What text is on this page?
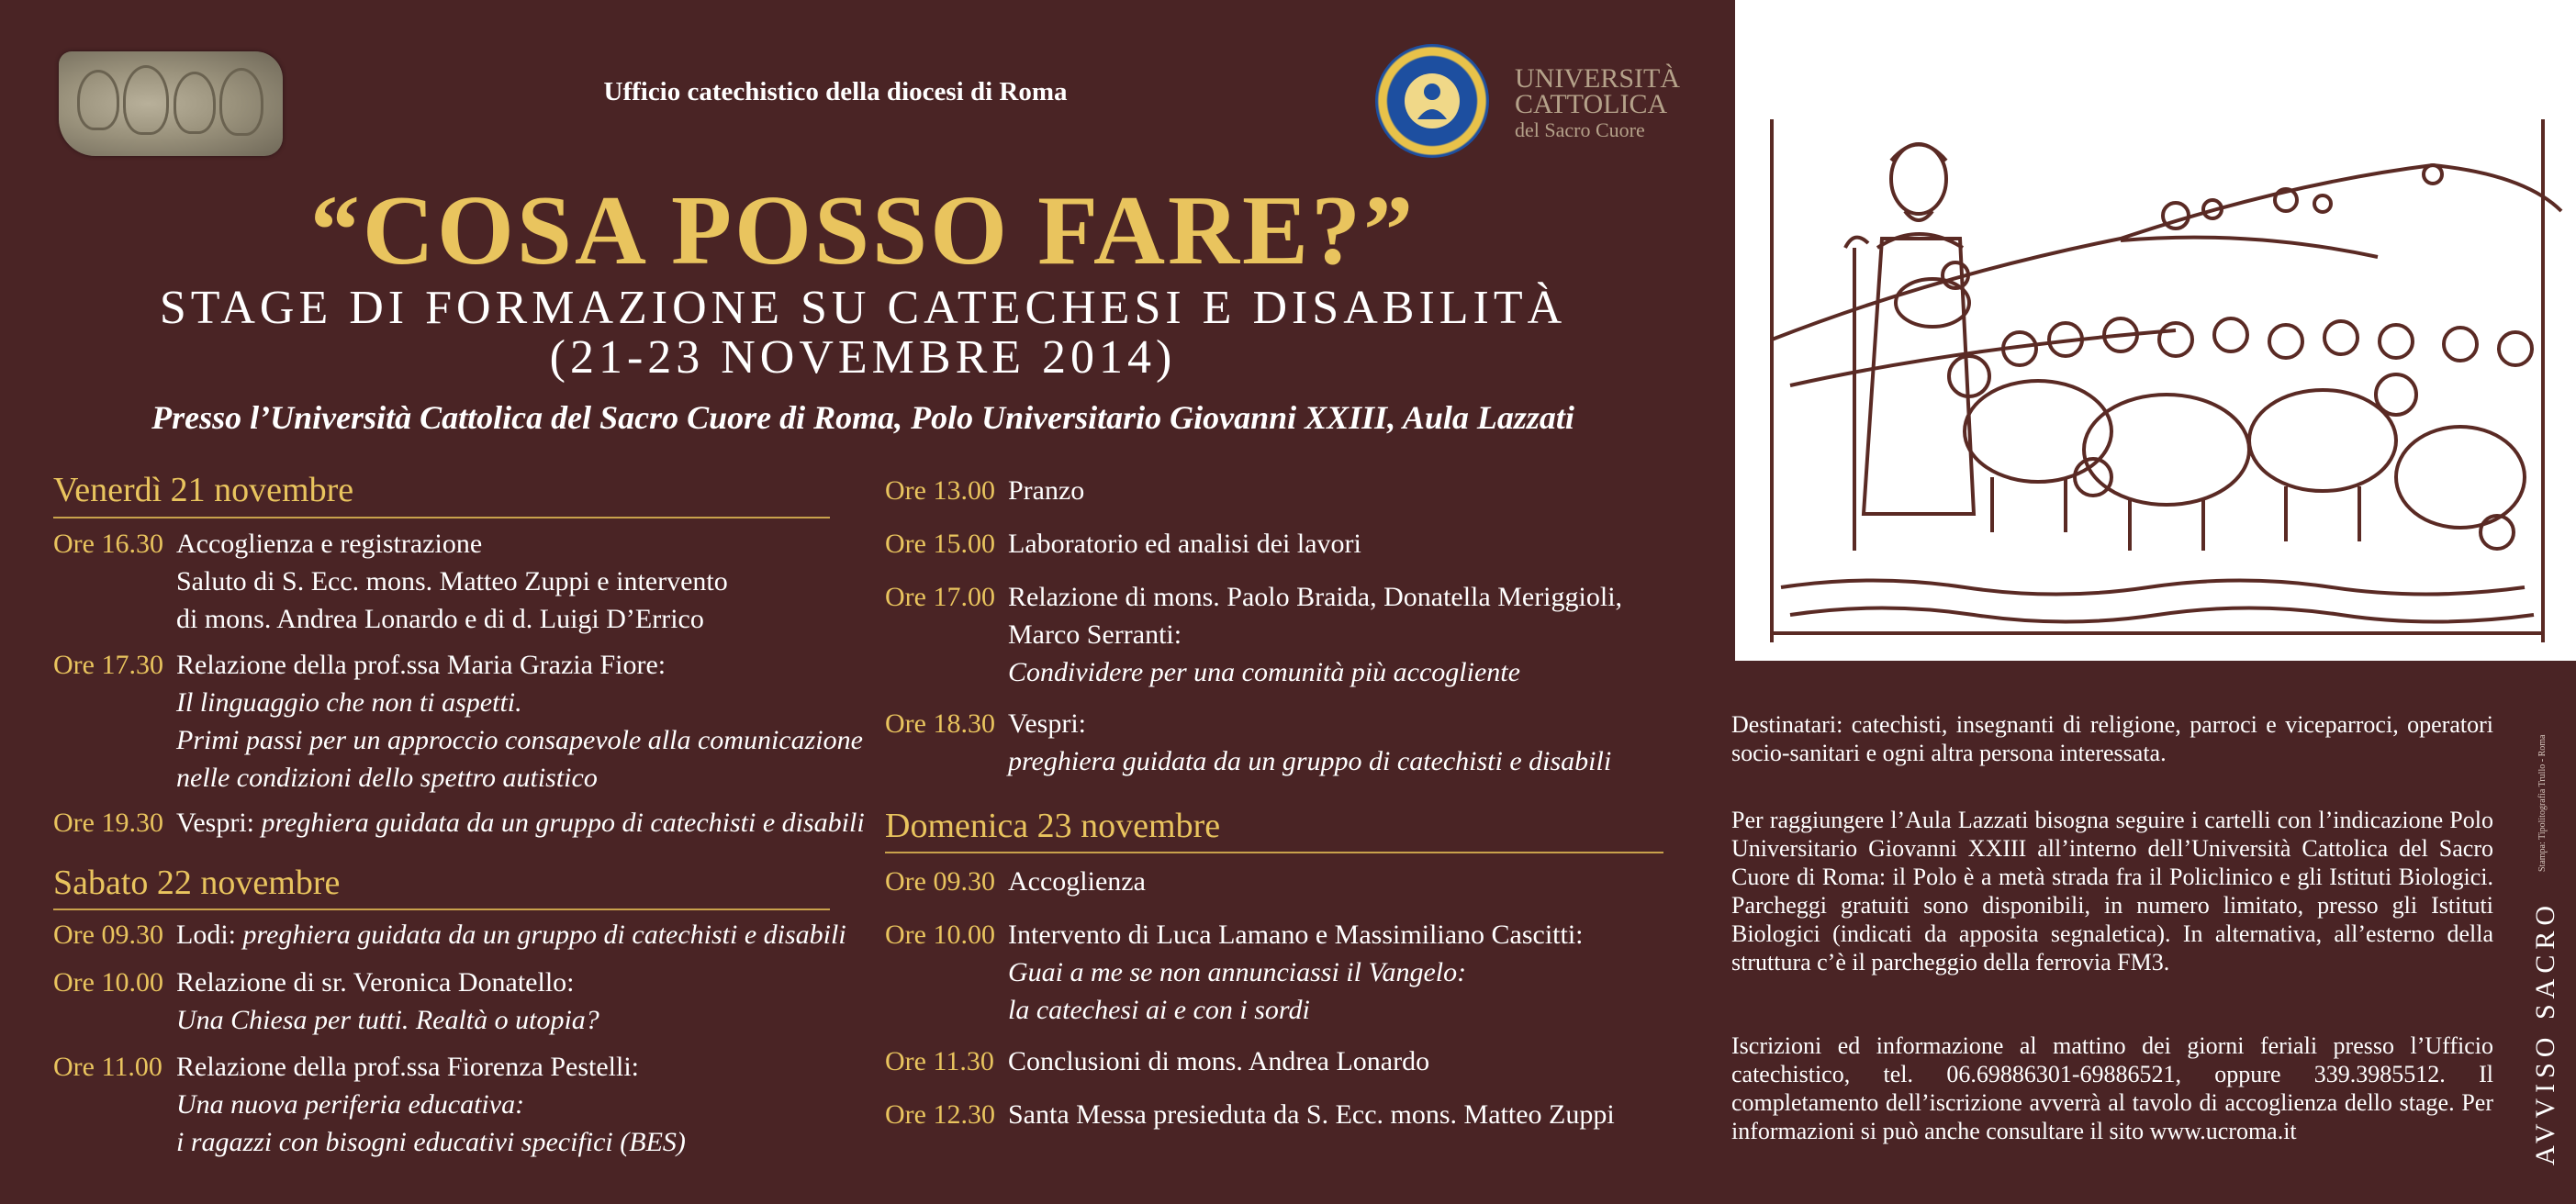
Ufficio catechistico della diocesi di Roma	UNIVERSITÀ
CATTOLICA
del Sacro Cuore
“COSA POSSO FARE?”
STAGE DI FORMAZIONE SU CATECHESI E DISABILITÀ
(21-23 NOVEMBRE 2014)
Presso l’Università Cattolica del Sacro Cuore di Roma, Polo Universitario Giovanni XXIII, Aula Lazzati
Venerdì 21 novembre
Ore 16.30 Accoglienza e registrazione
Saluto di S. Ecc. mons. Matteo Zuppi e intervento
di mons. Andrea Lonardo e di d. Luigi D’Errico
Ore 17.30 Relazione della prof.ssa Maria Grazia Fiore:
Il linguaggio che non ti aspetti.
Primi passi per un approccio consapevole alla comunicazione
nelle condizioni dello spettro autistico
Ore 19.30 Vespri: preghiera guidata da un gruppo di catechisti e disabili
Sabato 22 novembre
Ore 09.30 Lodi: preghiera guidata da un gruppo di catechisti e disabili
Ore 10.00 Relazione di sr. Veronica Donatello:
Una Chiesa per tutti. Realtà o utopia?
Ore 11.00 Relazione della prof.ssa Fiorenza Pestelli:
Una nuova periferia educativa:
i ragazzi con bisogni educativi specifici (BES)
Ore 13.00 Pranzo
Ore 15.00 Laboratorio ed analisi dei lavori
Ore 17.00 Relazione di mons. Paolo Braida, Donatella Meriggioli,
Marco Serranti:
Condividere per una comunità più accogliente
Ore 18.30 Vespri:
preghiera guidata da un gruppo di catechisti e disabili
Domenica 23 novembre
Ore 09.30 Accoglienza
Ore 10.00 Intervento di Luca Lamano e Massimiliano Cascitti:
Guai a me se non annunciassi il Vangelo:
la catechesi ai e con i sordi
Ore 11.30 Conclusioni di mons. Andrea Lonardo
Ore 12.30 Santa Messa presieduta da S. Ecc. mons. Matteo Zuppi
Destinatari: catechisti, insegnanti di religione, parroci e viceparroci, operatori socio-sanitari e ogni altra persona interessata.
Per raggiungere l’Aula Lazzati bisogna seguire i cartelli con l’indicazione Polo Universitario Giovanni XXIII all’interno dell’Università Cattolica del Sacro Cuore di Roma: il Polo è a metà strada fra il Policlinico e gli Istituti Biologici. Parcheggi gratuiti sono disponibili, in numero limitato, presso gli Istituti Biologici (indicati da apposita segnaletica). In alternativa, all’esterno della struttura c’è il parcheggio della ferrovia FM3.
Iscrizioni ed informazione al mattino dei giorni feriali presso l’Ufficio catechistico, tel. 06.69886301-69886521, oppure 339.3985512. Il completamento dell’iscrizione avverrà al tavolo di accoglienza dello stage. Per informazioni si può anche consultare il sito www.ucroma.it	AVVISO SACRO
Stampa: Tipolitografia Trullo - Roma
